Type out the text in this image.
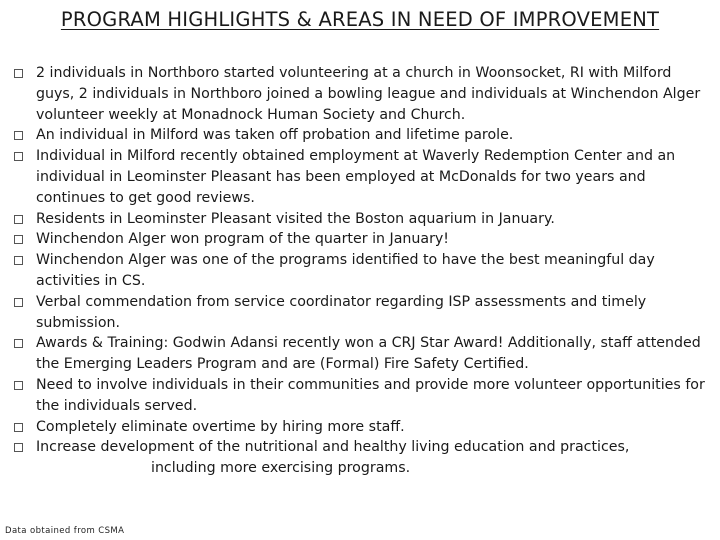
PROGRAM HIGHLIGHTS & AREAS IN NEED OF IMPROVEMENT
2 individuals in Northboro started volunteering at a church in Woonsocket, RI with Milford guys, 2 individuals in Northboro joined a bowling league and individuals at Winchendon Alger volunteer weekly at Monadnock Human Society and Church.
An individual in Milford was taken off probation and lifetime parole.
Individual in Milford recently obtained employment at Waverly Redemption Center and an individual in Leominster Pleasant has been employed at McDonalds for two years and continues to get good reviews.
Residents in Leominster Pleasant visited the Boston aquarium in January.
Winchendon Alger won program of the quarter in January!
Winchendon Alger was one of the programs identified to have the best meaningful day activities in CS.
Verbal commendation from service coordinator regarding ISP assessments and timely submission.
Awards & Training: Godwin Adansi recently won a CRJ Star Award! Additionally, staff attended the Emerging Leaders Program and are (Formal) Fire Safety Certified.
Need to involve individuals in their communities and provide more volunteer opportunities for the individuals served.
Completely eliminate overtime by hiring more staff.
Increase development of the nutritional and healthy living education and practices,
including more exercising programs.
Data obtained from CSMA
